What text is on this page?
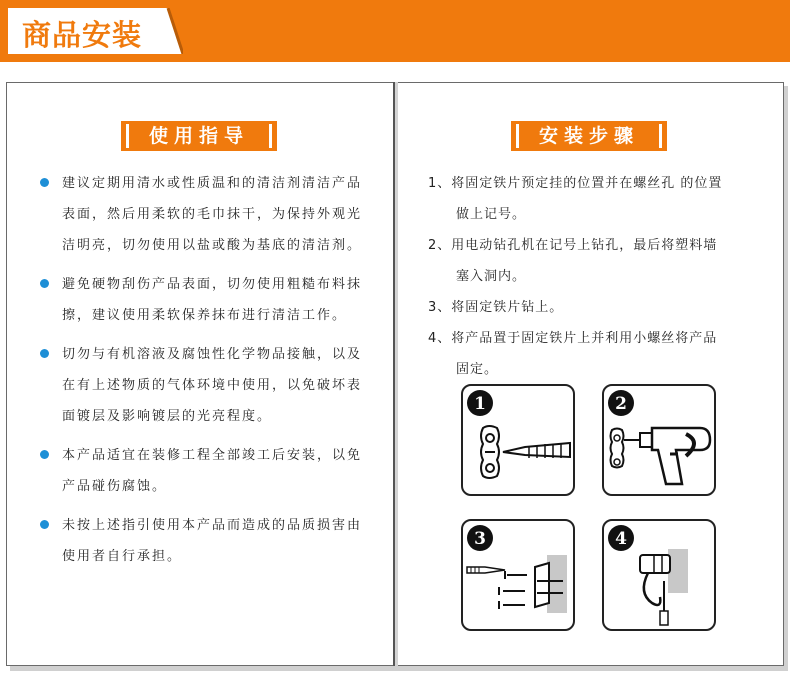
商品安装
使用指导
建议定期用清水或性质温和的清洁剂清洁产品表面，然后用柔软的毛巾抹干，为保持外观光洁明亮，切勿使用以盐或酸为基底的清洁剂。
避免硬物刮伤产品表面，切勿使用粗糙布料抹擦，建议使用柔软保养抹布进行清洁工作。
切勿与有机溶液及腐蚀性化学物品接触，以及在有上述物质的气体环境中使用，以免破坏表面镀层及影响镀层的光亮程度。
本产品适宜在装修工程全部竣工后安装，以免产品碰伤腐蚀。
未按上述指引使用本产品而造成的品质损害由使用者自行承担。
安装步骤
1、将固定铁片预定挂的位置并在螺丝孔 的位置
做上记号。
2、用电动钻孔机在记号上钻孔，最后将塑料墙
塞入洞内。
3、将固定铁片钻上。
4、将产品置于固定铁片上并利用小螺丝将产品
固定。
1	2
3	4
